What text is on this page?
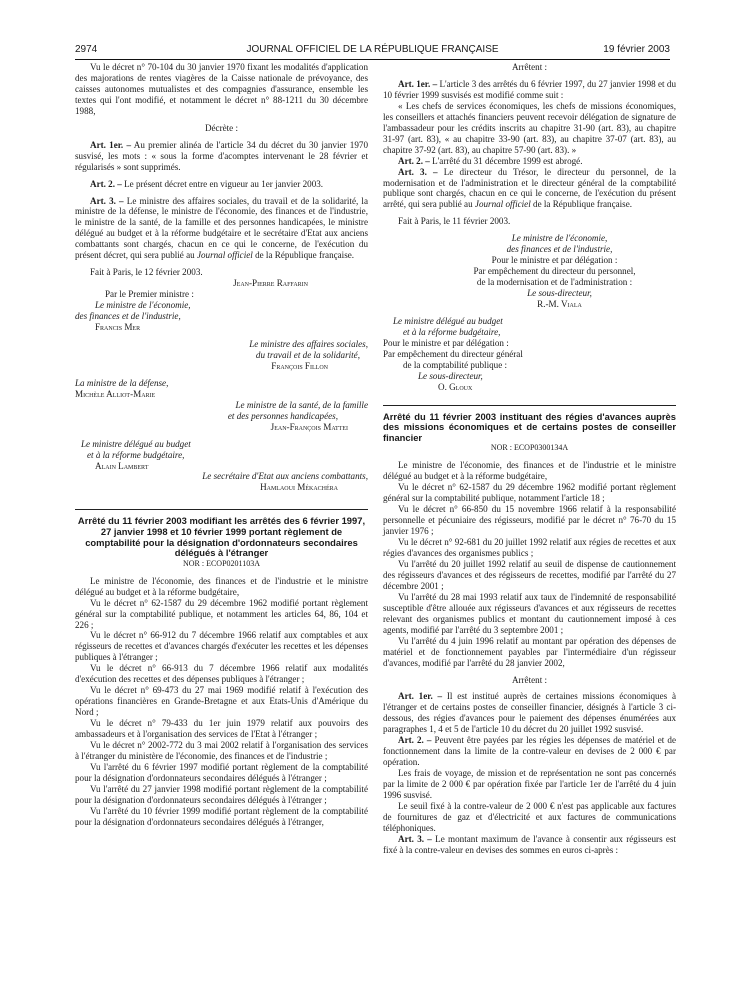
2974	JOURNAL OFFICIEL DE LA RÉPUBLIQUE FRANÇAISE	19 février 2003

Vu le décret n° 70-104 du 30 janvier 1970 fixant les modalités d'application des majorations de rentes viagères de la Caisse nationale de prévoyance, des caisses autonomes mutualistes et des compagnies d'assurance, ensemble les textes qui l'ont modifié, et notamment le décret n° 88-1211 du 30 décembre 1988,

Décrète :

Art. 1er. – Au premier alinéa de l'article 34 du décret du 30 janvier 1970 susvisé, les mots : « sous la forme d'acomptes intervenant le 28 février et régularisés » sont supprimés.

Art. 2. – Le présent décret entre en vigueur au 1er janvier 2003.

Art. 3. – Le ministre des affaires sociales, du travail et de la solidarité, la ministre de la défense, le ministre de l'économie, des finances et de l'industrie, le ministre de la santé, de la famille et des personnes handicapées, le ministre délégué au budget et à la réforme budgétaire et le secrétaire d'Etat aux anciens combattants sont chargés, chacun en ce qui le concerne, de l'exécution du présent décret, qui sera publié au Journal officiel de la République française.

Fait à Paris, le 12 février 2003.

Jean-Pierre Raffarin

Par le Premier ministre :

Le ministre de l'économie,

des finances et de l'industrie,

Francis Mer

Le ministre des affaires sociales,

du travail et de la solidarité,

François Fillon

La ministre de la défense,

Michèle Alliot-Marie

Le ministre de la santé, de la famille

et des personnes handicapées,

Jean-François Mattei

Le ministre délégué au budget

et à la réforme budgétaire,

Alain Lambert

Le secrétaire d'Etat aux anciens combattants,

Hamlaoui Mékachéra

Arrêté du 11 février 2003 modifiant les arrêtés des 6 février 1997, 27 janvier 1998 et 10 février 1999 portant règlement de comptabilité pour la désignation d'ordonnateurs secondaires délégués à l'étranger

NOR : ECOP0201103A

Le ministre de l'économie, des finances et de l'industrie et le ministre délégué au budget et à la réforme budgétaire,

Vu le décret n° 62-1587 du 29 décembre 1962 modifié portant règlement général sur la comptabilité publique, et notamment les articles 64, 86, 104 et 226 ;

Vu le décret n° 66-912 du 7 décembre 1966 relatif aux comptables et aux régisseurs de recettes et d'avances chargés d'exécuter les recettes et les dépenses publiques à l'étranger ;

Vu le décret n° 66-913 du 7 décembre 1966 relatif aux modalités d'exécution des recettes et des dépenses publiques à l'étranger ;

Vu le décret n° 69-473 du 27 mai 1969 modifié relatif à l'exécution des opérations financières en Grande-Bretagne et aux Etats-Unis d'Amérique du Nord ;

Vu le décret n° 79-433 du 1er juin 1979 relatif aux pouvoirs des ambassadeurs et à l'organisation des services de l'Etat à l'étranger ;

Vu le décret n° 2002-772 du 3 mai 2002 relatif à l'organisation des services à l'étranger du ministère de l'économie, des finances et de l'industrie ;

Vu l'arrêté du 6 février 1997 modifié portant règlement de la comptabilité pour la désignation d'ordonnateurs secondaires délégués à l'étranger ;

Vu l'arrêté du 27 janvier 1998 modifié portant règlement de la comptabilité pour la désignation d'ordonnateurs secondaires délégués à l'étranger ;

Vu l'arrêté du 10 février 1999 modifié portant règlement de la comptabilité pour la désignation d'ordonnateurs secondaires délégués à l'étranger,

Arrêtent :

Art. 1er. – L'article 3 des arrêtés du 6 février 1997, du 27 janvier 1998 et du 10 février 1999 susvisés est modifié comme suit :

« Les chefs de services économiques, les chefs de missions économiques, les conseillers et attachés financiers peuvent recevoir délégation de signature de l'ambassadeur pour les crédits inscrits au chapitre 31-90 (art. 83), au chapitre 31-97 (art. 83), « au chapitre 33-90 (art. 83), au chapitre 37-07 (art. 83), au chapitre 37-92 (art. 83), au chapitre 57-90 (art. 83). »

Art. 2. – L'arrêté du 31 décembre 1999 est abrogé.

Art. 3. – Le directeur du Trésor, le directeur du personnel, de la modernisation et de l'administration et le directeur général de la comptabilité publique sont chargés, chacun en ce qui le concerne, de l'exécution du présent arrêté, qui sera publié au Journal officiel de la République française.

Fait à Paris, le 11 février 2003.

Le ministre de l'économie,

des finances et de l'industrie,

Pour le ministre et par délégation :

Par empêchement du directeur du personnel,

de la modernisation et de l'administration :

Le sous-directeur,

R.-M. Viala

Le ministre délégué au budget

et à la réforme budgétaire,

Pour le ministre et par délégation :

Par empêchement du directeur général

de la comptabilité publique :

Le sous-directeur,

O. Gloux

Arrêté du 11 février 2003 instituant des régies d'avances auprès des missions économiques et de certains postes de conseiller financier

NOR : ECOP0300134A

Le ministre de l'économie, des finances et de l'industrie et le ministre délégué au budget et à la réforme budgétaire,

Vu le décret n° 62-1587 du 29 décembre 1962 modifié portant règlement général sur la comptabilité publique, notamment l'article 18 ;

Vu le décret n° 66-850 du 15 novembre 1966 relatif à la responsabilité personnelle et pécuniaire des régisseurs, modifié par le décret n° 76-70 du 15 janvier 1976 ;

Vu le décret n° 92-681 du 20 juillet 1992 relatif aux régies de recettes et aux régies d'avances des organismes publics ;

Vu l'arrêté du 20 juillet 1992 relatif au seuil de dispense de cautionnement des régisseurs d'avances et des régisseurs de recettes, modifié par l'arrêté du 27 décembre 2001 ;

Vu l'arrêté du 28 mai 1993 relatif aux taux de l'indemnité de responsabilité susceptible d'être allouée aux régisseurs d'avances et aux régisseurs de recettes relevant des organismes publics et montant du cautionnement imposé à ces agents, modifié par l'arrêté du 3 septembre 2001 ;

Vu l'arrêté du 4 juin 1996 relatif au montant par opération des dépenses de matériel et de fonctionnement payables par l'intermédiaire d'un régisseur d'avances, modifié par l'arrêté du 28 janvier 2002,

Arrêtent :

Art. 1er. – Il est institué auprès de certaines missions économiques à l'étranger et de certains postes de conseiller financier, désignés à l'article 3 ci-dessous, des régies d'avances pour le paiement des dépenses énumérées aux paragraphes 1, 4 et 5 de l'article 10 du décret du 20 juillet 1992 susvisé.

Art. 2. – Peuvent être payées par les régies les dépenses de matériel et de fonctionnement dans la limite de la contre-valeur en devises de 2 000 € par opération.

Les frais de voyage, de mission et de représentation ne sont pas concernés par la limite de 2 000 € par opération fixée par l'article 1er de l'arrêté du 4 juin 1996 susvisé.

Le seuil fixé à la contre-valeur de 2 000 € n'est pas applicable aux factures de fournitures de gaz et d'électricité et aux factures de communications téléphoniques.

Art. 3. – Le montant maximum de l'avance à consentir aux régisseurs est fixé à la contre-valeur en devises des sommes en euros ci-après :
